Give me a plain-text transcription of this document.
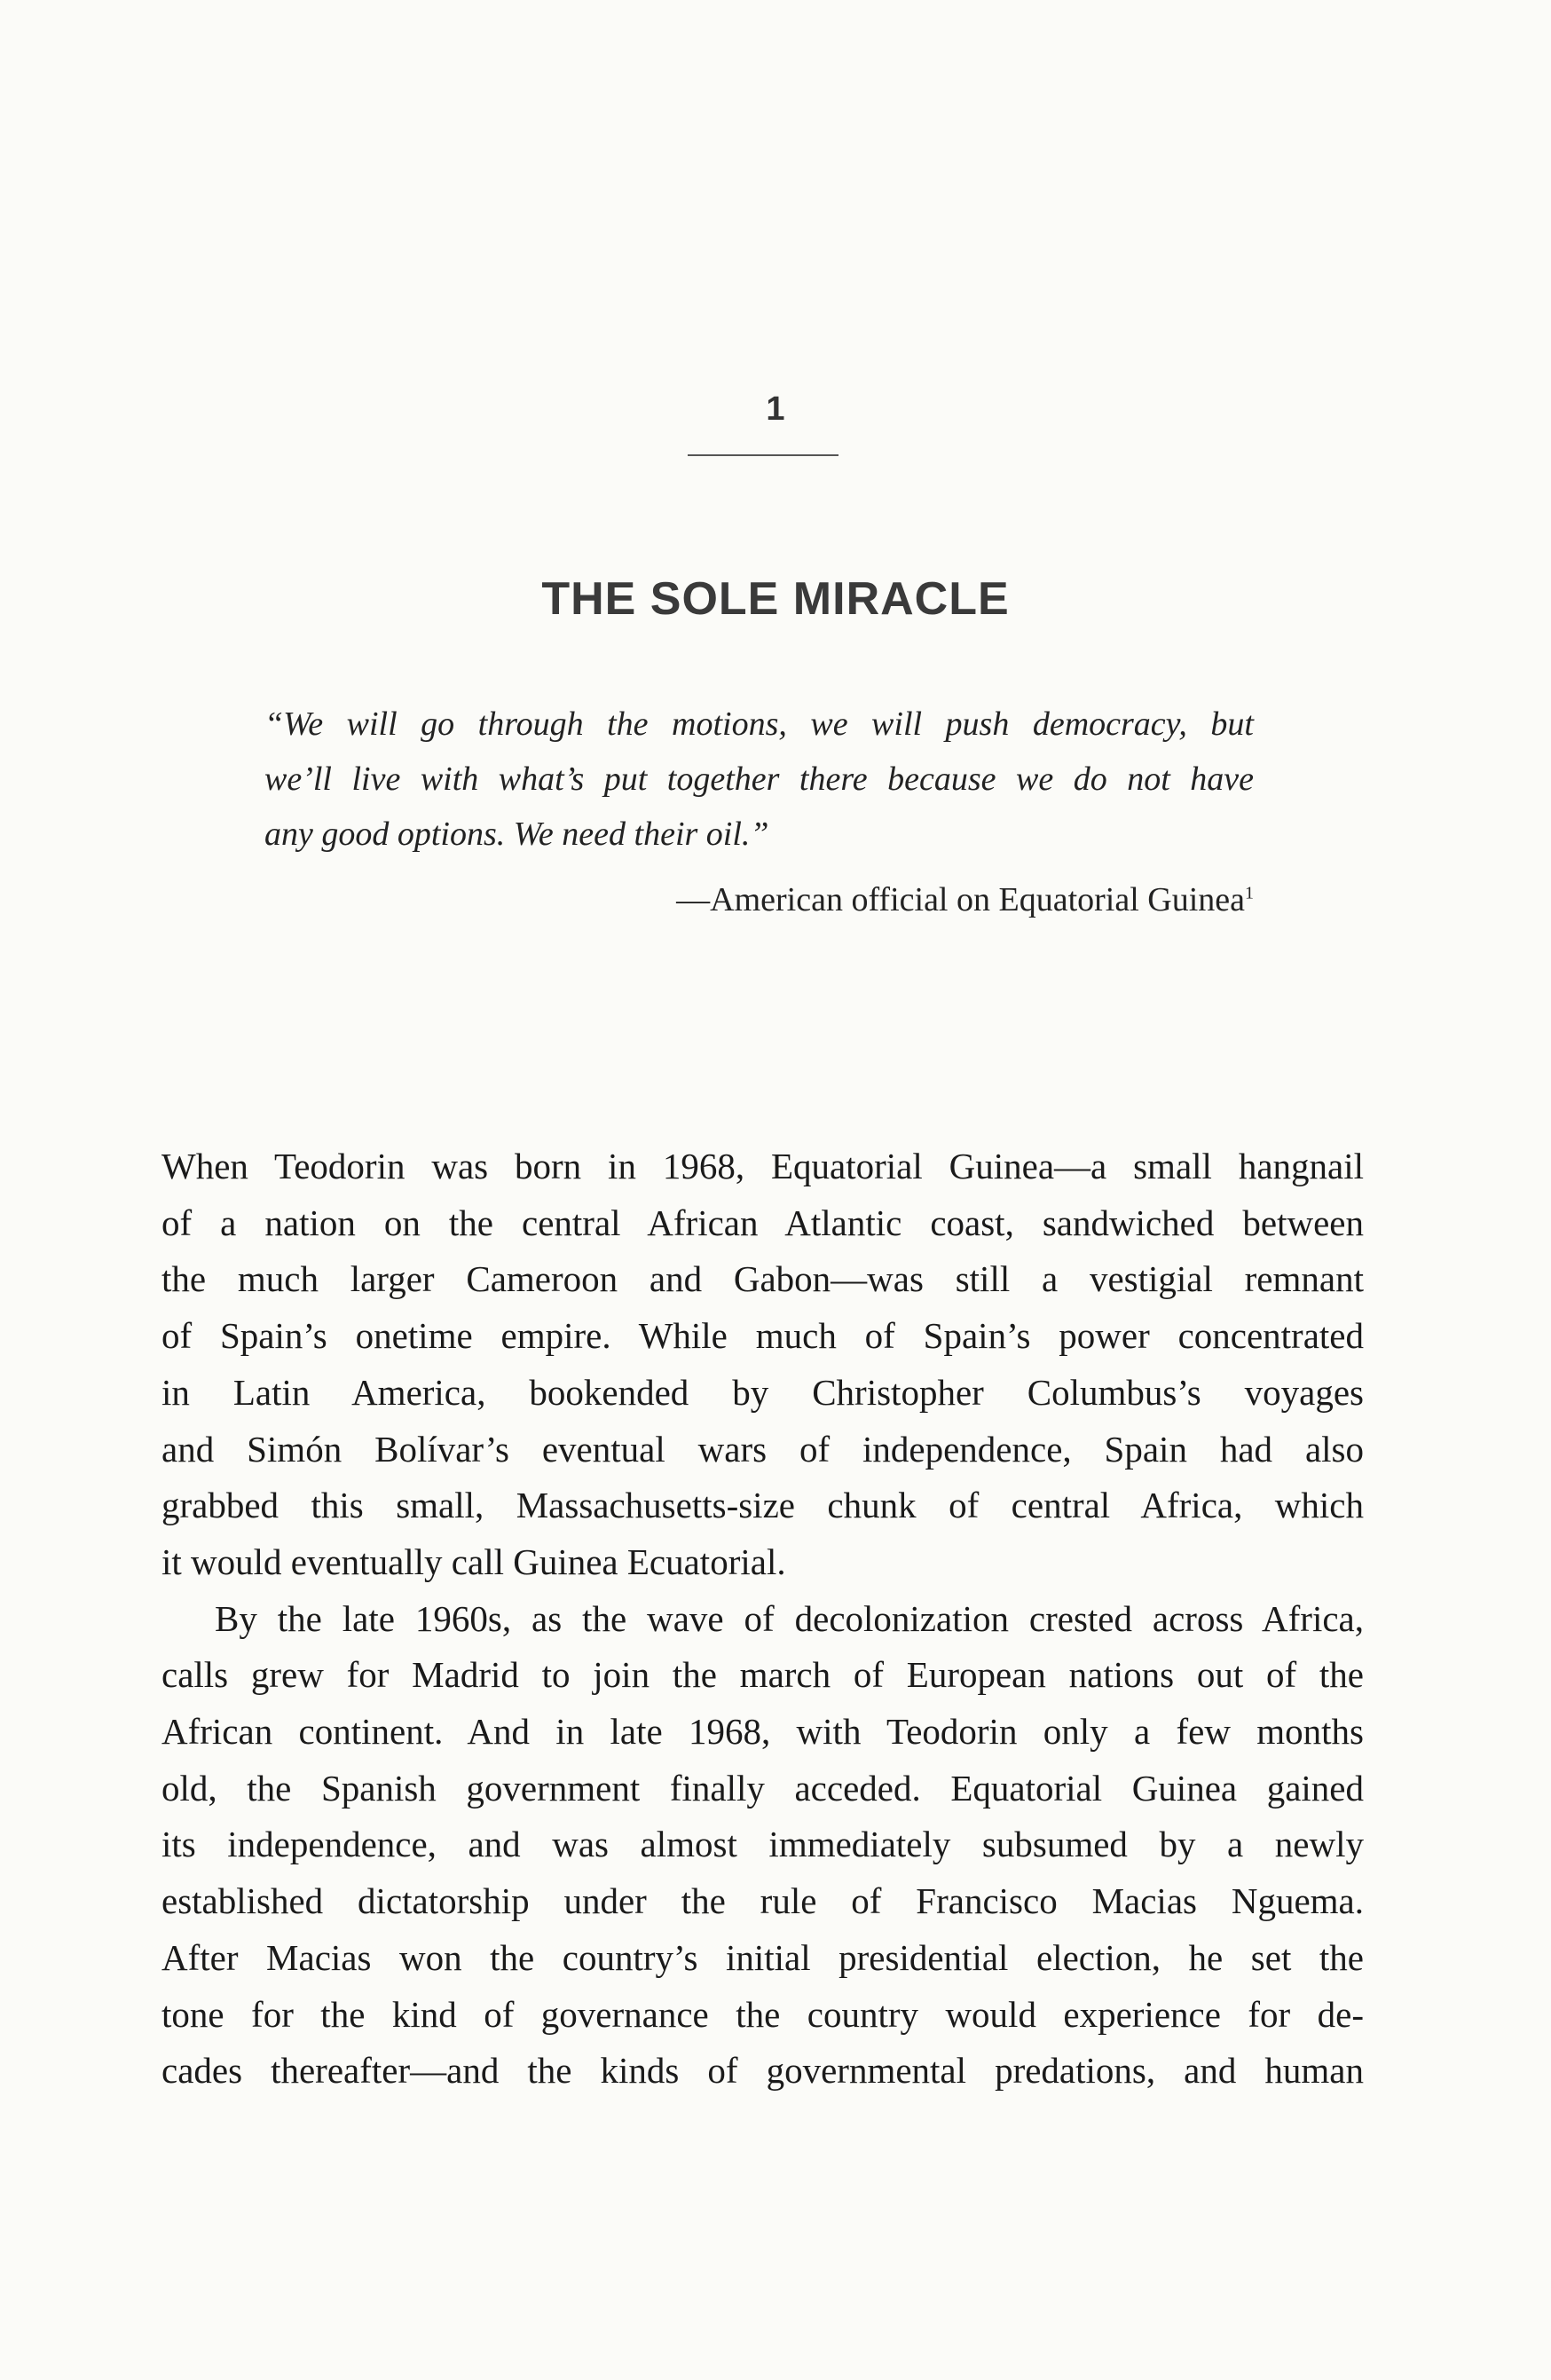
1
THE SOLE MIRACLE
“We will go through the motions, we will push democracy, but
we’ll live with what’s put together there because we do not have
any good options. We need their oil.”
—American official on Equatorial Guinea$^1$
When Teodorin was born in 1968, Equatorial Guinea—a small hangnail
of a nation on the central African Atlantic coast, sandwiched between
the much larger Cameroon and Gabon—was still a vestigial remnant
of Spain’s onetime empire. While much of Spain’s power concentrated
in Latin America, bookended by Christopher Columbus’s voyages
and Simón Bolívar’s eventual wars of independence, Spain had also
grabbed this small, Massachusetts-size chunk of central Africa, which
it would eventually call Guinea Ecuatorial.
By the late 1960s, as the wave of decolonization crested across Africa,
calls grew for Madrid to join the march of European nations out of the
African continent. And in late 1968, with Teodorin only a few months
old, the Spanish government finally acceded. Equatorial Guinea gained
its independence, and was almost immediately subsumed by a newly
established dictatorship under the rule of Francisco Macias Nguema.
After Macias won the country’s initial presidential election, he set the
tone for the kind of governance the country would experience for de-
cades thereafter—and the kinds of governmental predations, and human
